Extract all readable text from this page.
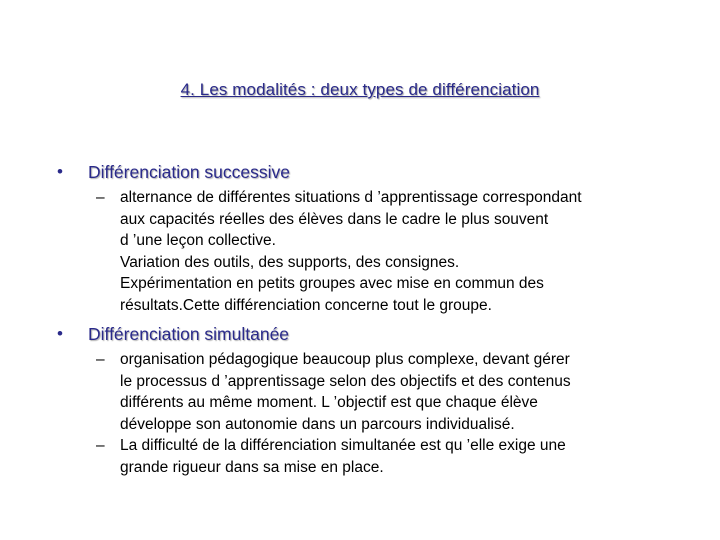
4. Les modalités : deux types de différenciation
• Différenciation successive
– alternance de différentes situations d ’apprentissage correspondant
aux capacités réelles des élèves dans le cadre le plus souvent
d ’une leçon collective.
Variation des outils, des supports, des consignes.
Expérimentation en petits groupes avec mise en commun des
résultats.Cette différenciation concerne tout le groupe.
• Différenciation simultanée
– organisation pédagogique beaucoup plus complexe, devant gérer
le processus d ’apprentissage selon des objectifs et des contenus
différents au même moment. L ’objectif est que chaque élève
développe son autonomie dans un parcours individualisé.
– La difficulté de la différenciation simultanée est qu ’elle exige une
grande rigueur dans sa mise en place.
